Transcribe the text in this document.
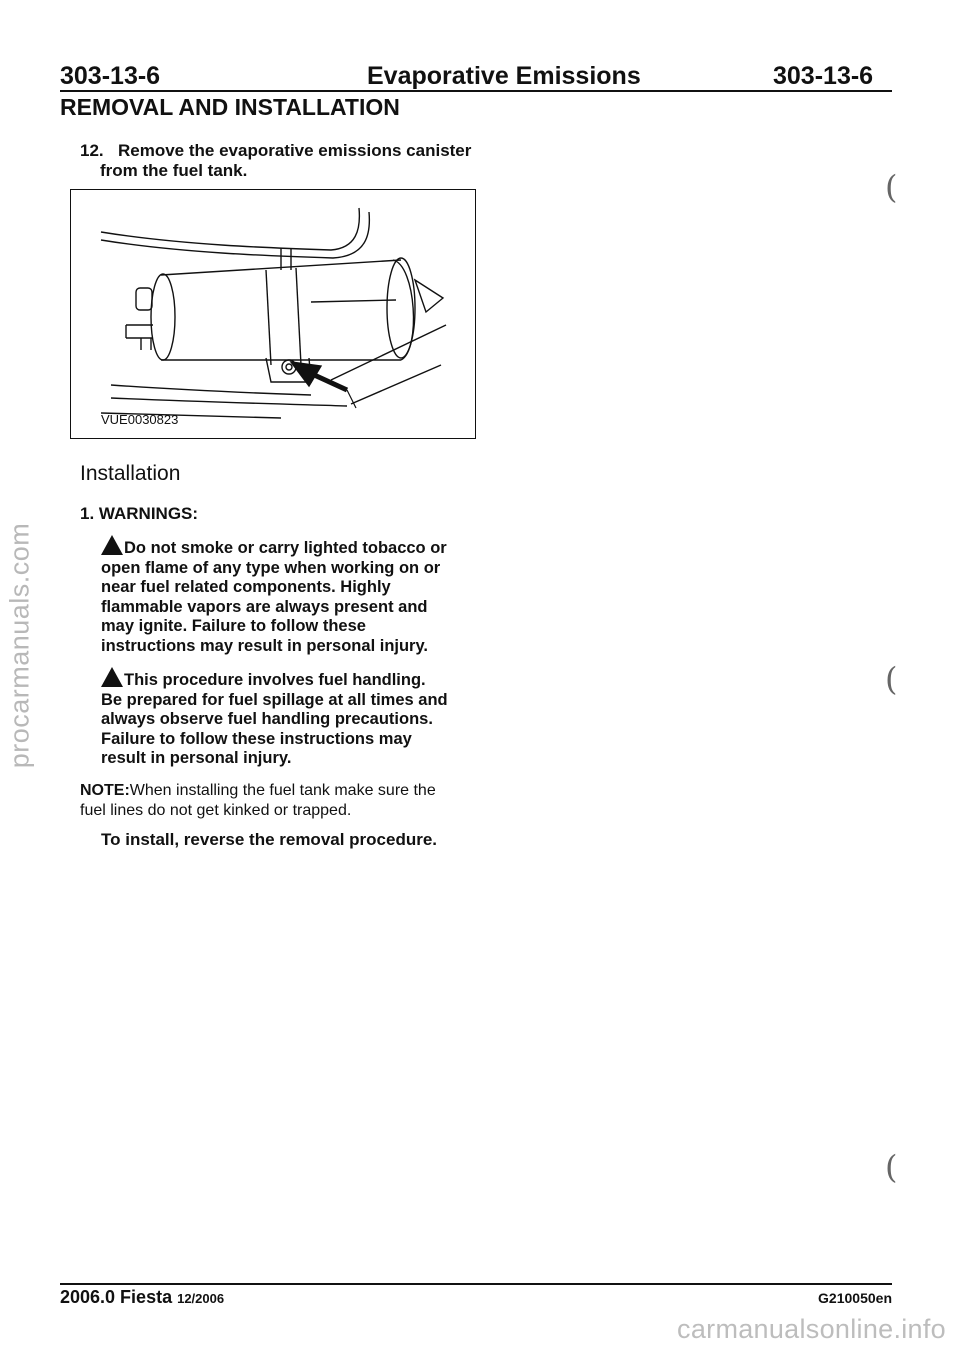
303-13-6	Evaporative Emissions	303-13-6
REMOVAL AND INSTALLATION
12. Remove the evaporative emissions canister
from the fuel tank.
VUE0030823
Installation
1. WARNINGS:
Do not smoke or carry lighted tobacco or
open flame of any type when working on or
near fuel related components. Highly
flammable vapors are always present and
may ignite. Failure to follow these
instructions may result in personal injury.
This procedure involves fuel handling.
Be prepared for fuel spillage at all times and
always observe fuel handling precautions.
Failure to follow these instructions may
result in personal injury.
NOTE:When installing the fuel tank make sure the
fuel lines do not get kinked or trapped.
To install, reverse the removal procedure.
(
(
(
2006.0 Fiesta 12/2006	G210050en
procarmanuals.com
carmanualsonline.info
